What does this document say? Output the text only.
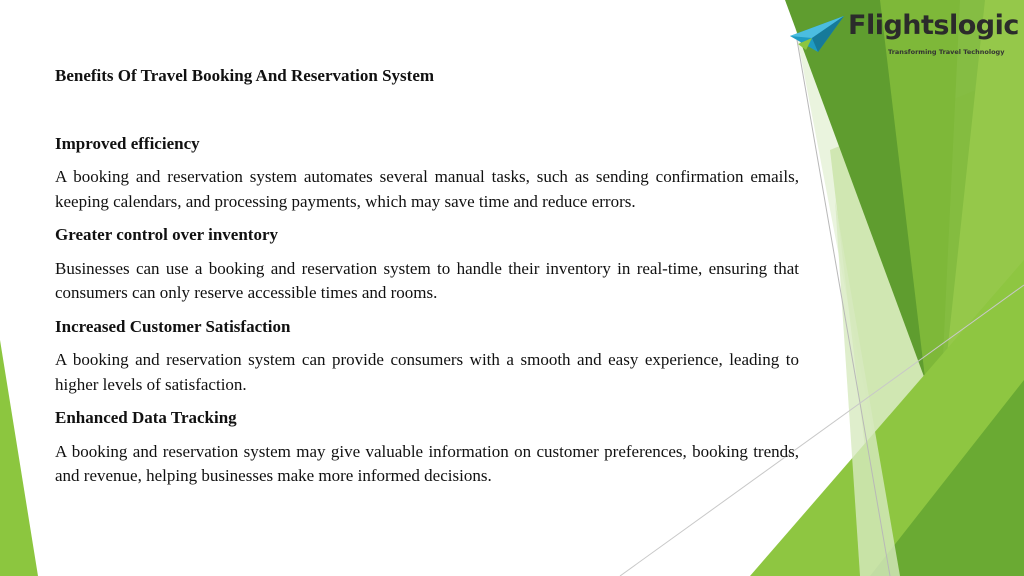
Flightslogic
Transforming Travel Technology
Benefits Of Travel Booking And Reservation System
Improved efficiency
A booking and reservation system automates several manual tasks, such as sending confirmation emails, keeping calendars, and processing payments, which may save time and reduce errors.
Greater control over inventory
Businesses can use a booking and reservation system to handle their inventory in real-time, ensuring that consumers can only reserve accessible times and rooms.
Increased Customer Satisfaction
A booking and reservation system can provide consumers with a smooth and easy experience, leading to higher levels of satisfaction.
Enhanced Data Tracking
A booking and reservation system may give valuable information on customer preferences, booking trends, and revenue, helping businesses make more informed decisions.
